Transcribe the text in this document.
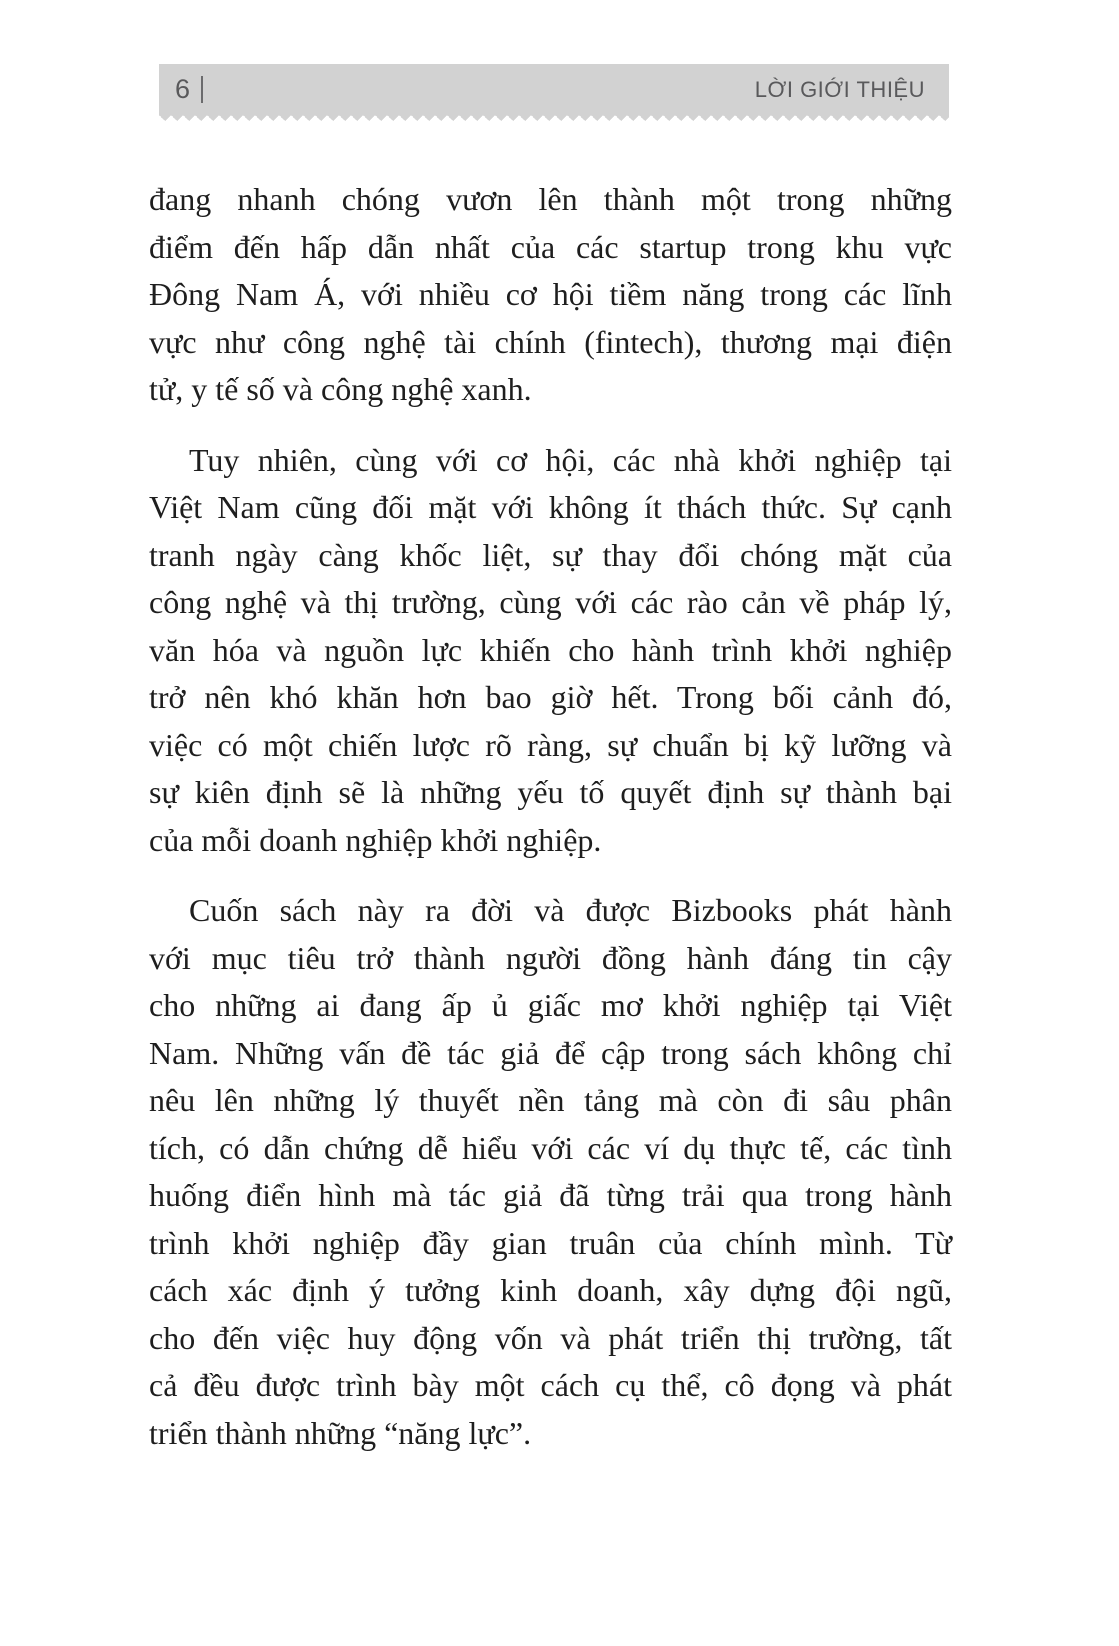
6	LỜI GIỚI THIỆU
đang nhanh chóng vươn lên thành một trong những
điểm đến hấp dẫn nhất của các startup trong khu vực
Đông Nam Á, với nhiều cơ hội tiềm năng trong các lĩnh
vực như công nghệ tài chính (fintech), thương mại điện
tử, y tế số và công nghệ xanh.
Tuy nhiên, cùng với cơ hội, các nhà khởi nghiệp tại
Việt Nam cũng đối mặt với không ít thách thức. Sự cạnh
tranh ngày càng khốc liệt, sự thay đổi chóng mặt của
công nghệ và thị trường, cùng với các rào cản về pháp lý,
văn hóa và nguồn lực khiến cho hành trình khởi nghiệp
trở nên khó khăn hơn bao giờ hết. Trong bối cảnh đó,
việc có một chiến lược rõ ràng, sự chuẩn bị kỹ lưỡng và
sự kiên định sẽ là những yếu tố quyết định sự thành bại
của mỗi doanh nghiệp khởi nghiệp.
Cuốn sách này ra đời và được Bizbooks phát hành
với mục tiêu trở thành người đồng hành đáng tin cậy
cho những ai đang ấp ủ giấc mơ khởi nghiệp tại Việt
Nam. Những vấn đề tác giả để cập trong sách không chỉ
nêu lên những lý thuyết nền tảng mà còn đi sâu phân
tích, có dẫn chứng dễ hiểu với các ví dụ thực tế, các tình
huống điển hình mà tác giả đã từng trải qua trong hành
trình khởi nghiệp đầy gian truân của chính mình. Từ
cách xác định ý tưởng kinh doanh, xây dựng đội ngũ,
cho đến việc huy động vốn và phát triển thị trường, tất
cả đều được trình bày một cách cụ thể, cô đọng và phát
triển thành những “năng lực”.
